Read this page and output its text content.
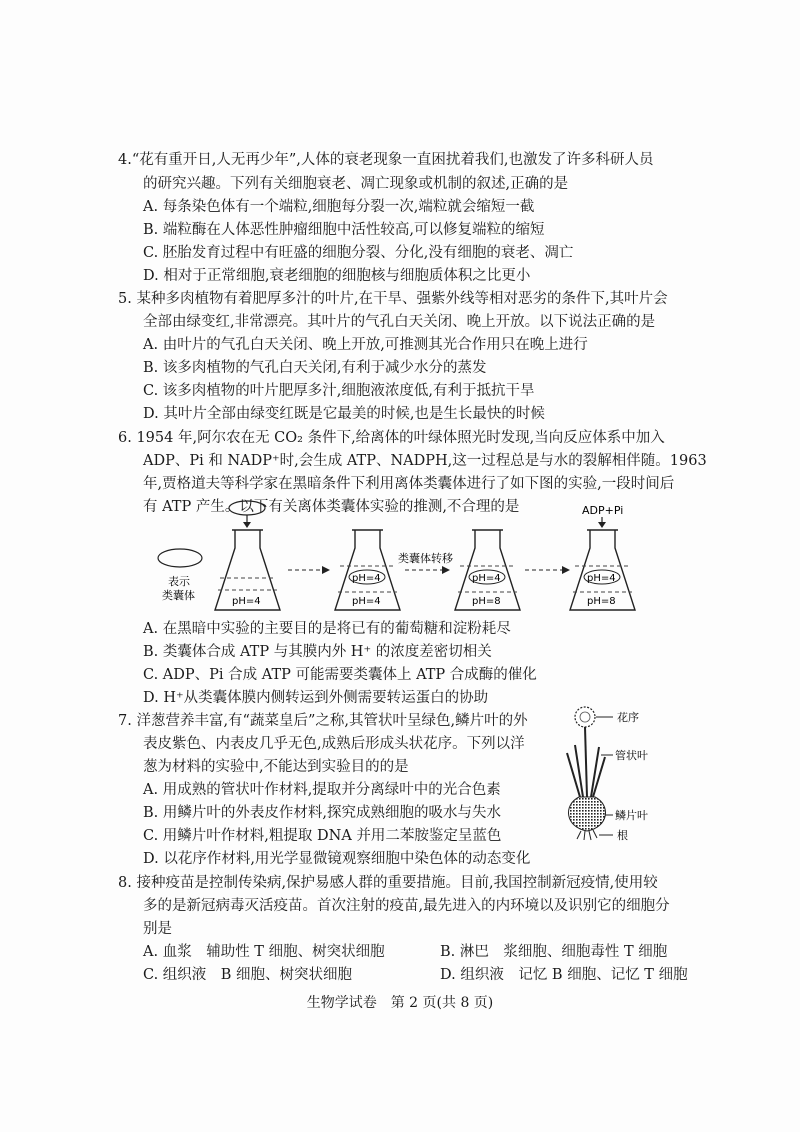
4.“花有重开日,人无再少年”,人体的衰老现象一直困扰着我们,也激发了许多科研人员
的研究兴趣。下列有关细胞衰老、凋亡现象或机制的叙述,正确的是
A. 每条染色体有一个端粒,细胞每分裂一次,端粒就会缩短一截
B. 端粒酶在人体恶性肿瘤细胞中活性较高,可以修复端粒的缩短
C. 胚胎发育过程中有旺盛的细胞分裂、分化,没有细胞的衰老、凋亡
D. 相对于正常细胞,衰老细胞的细胞核与细胞质体积之比更小
5. 某种多肉植物有着肥厚多汁的叶片,在干旱、强紫外线等相对恶劣的条件下,其叶片会
全部由绿变红,非常漂亮。其叶片的气孔白天关闭、晚上开放。以下说法正确的是
A. 由叶片的气孔白天关闭、晚上开放,可推测其光合作用只在晚上进行
B. 该多肉植物的气孔白天关闭,有利于减少水分的蒸发
C. 该多肉植物的叶片肥厚多汁,细胞液浓度低,有利于抵抗干旱
D. 其叶片全部由绿变红既是它最美的时候,也是生长最快的时候
6. 1954 年,阿尔农在无 CO₂ 条件下,给离体的叶绿体照光时发现,当向反应体系中加入
ADP、Pi 和 NADP⁺时,会生成 ATP、NADPH,这一过程总是与水的裂解相伴随。1963
年,贾格道夫等科学家在黑暗条件下利用离体类囊体进行了如下图的实验,一段时间后
有 ATP 产生。以下有关离体类囊体实验的推测,不合理的是
表示
类囊体	pH=4
pH=4
pH=4
类囊体转移
pH=4
pH=8
ADP+Pi
pH=4
pH=8
A. 在黑暗中实验的主要目的是将已有的葡萄糖和淀粉耗尽
B. 类囊体合成 ATP 与其膜内外 H⁺ 的浓度差密切相关
C. ADP、Pi 合成 ATP 可能需要类囊体上 ATP 合成酶的催化
D. H⁺从类囊体膜内侧转运到外侧需要转运蛋白的协助
7. 洋葱营养丰富,有“蔬菜皇后”之称,其管状叶呈绿色,鳞片叶的外
表皮紫色、内表皮几乎无色,成熟后形成头状花序。下列以洋
葱为材料的实验中,不能达到实验目的的是
A. 用成熟的管状叶作材料,提取并分离绿叶中的光合色素
B. 用鳞片叶的外表皮作材料,探究成熟细胞的吸水与失水
C. 用鳞片叶作材料,粗提取 DNA 并用二苯胺鉴定呈蓝色
D. 以花序作材料,用光学显微镜观察细胞中染色体的动态变化
花序
管状叶
鳞片叶
根
8. 接种疫苗是控制传染病,保护易感人群的重要措施。目前,我国控制新冠疫情,使用较
多的是新冠病毒灭活疫苗。首次注射的疫苗,最先进入的内环境以及识别它的细胞分
别是
A. 血浆　辅助性 T 细胞、树突状细胞	B. 淋巴　浆细胞、细胞毒性 T 细胞
C. 组织液　B 细胞、树突状细胞	D. 组织液　记忆 B 细胞、记忆 T 细胞
生物学试卷　第 2 页(共 8 页)
